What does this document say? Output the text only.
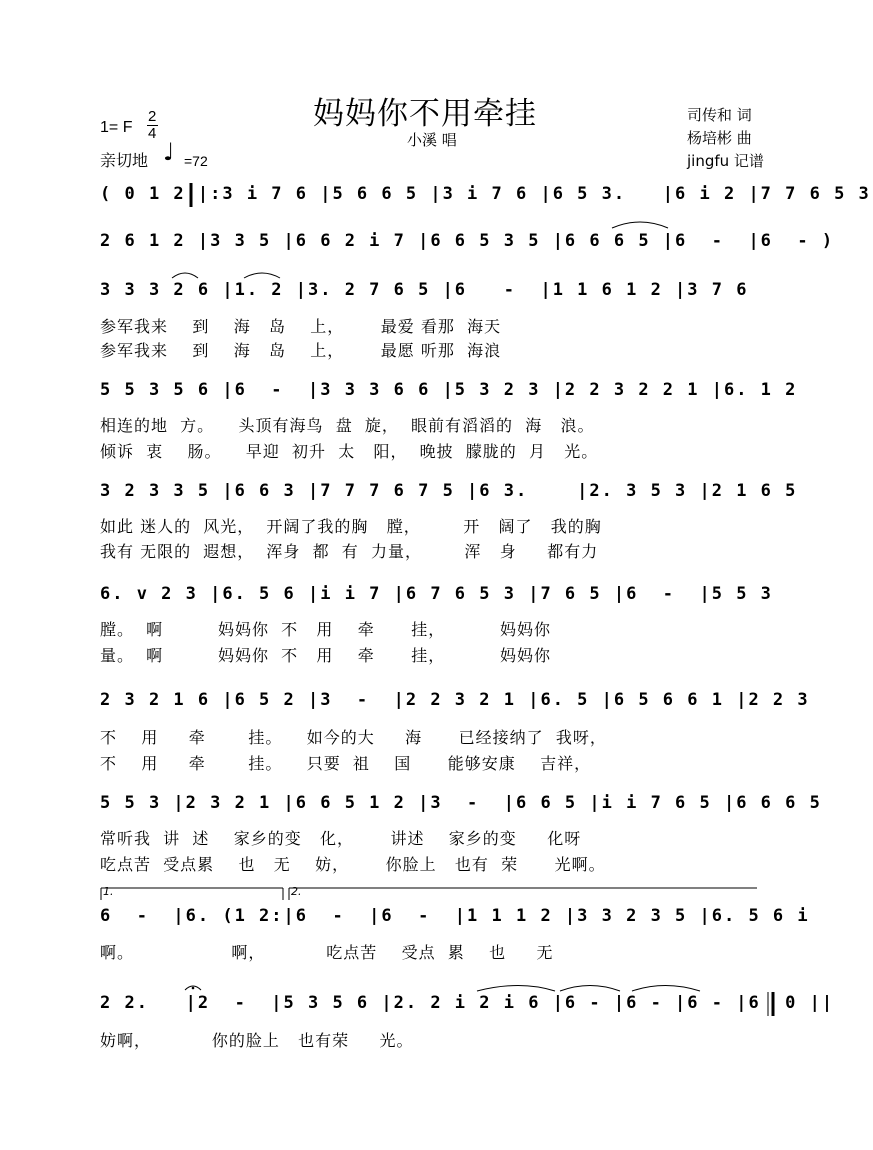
妈妈你不用牵挂
小溪 唱
1= F
2
4
亲切地 ♩ =72
司传和 词
杨培彬 曲
jingfu 记谱
( 0 1 2 |:3 i 7 6 |5 6 6 5 |3 i 7 6 |6 5 3.   |6 i 2 |7 7 6 5 3
2 6 1 2 |3 3 5 |6 6 2 i 7 |6 6 5 3 5 |6 6 6 5 |6  -  |6  - )
3 3 3 2 6 |1. 2 |3. 2 7 6 5 |6   -  |1 1 6 1 2 |3 7 6
参军我来    到    海   岛    上，      最爱 看那  海天
参军我来    到    海   岛    上，      最愿 听那  海浪
5 5 3 5 6 |6  -  |3 3 3 6 6 |5 3 2 3 |2 2 3 2 2 1 |6. 1 2
相连的地  方。    头顶有海鸟  盘  旋，  眼前有滔滔的  海   浪。
倾诉  衷    肠。    早迎  初升  太   阳，  晚披  朦胧的  月   光。
3 2 3 3 5 |6 6 3 |7 7 7 6 7 5 |6 3.    |2. 3 5 3 |2 1 6 5
如此 迷人的  风光，  开阔了我的胸   膛，       开   阔了   我的胸
我有 无限的  遐想，  浑身  都  有  力量，       浑   身     都有力
6. v 2 3 |6. 5 6 |i i 7 |6 7 6 5 3 |7 6 5 |6  -  |5 5 3
膛。  啊         妈妈你  不   用    牵      挂，         妈妈你
量。  啊         妈妈你  不   用    牵      挂，         妈妈你
2 3 2 1 6 |6 5 2 |3  -  |2 2 3 2 1 |6. 5 |6 5 6 6 1 |2 2 3
不    用     牵       挂。    如今的大     海      已经接纳了  我呀，
不    用     牵       挂。    只要  祖    国      能够安康    吉祥，
5 5 3 |2 3 2 1 |6 6 5 1 2 |3  -  |6 6 5 |i i 7 6 5 |6 6 6 5
常听我  讲  述    家乡的变   化，      讲述    家乡的变     化呀
吃点苦  受点累    也   无    妨，      你脸上   也有  荣      光啊。
1.	2.
6  -  |6. (1 2:|6  -  |6  -  |1 1 1 2 |3 3 2 3 5 |6. 5 6 i
啊。                啊，          吃点苦    受点  累    也     无
2 2.   |2  -  |5 3 5 6 |2. 2 i 2 i 6 |6 - |6 - |6 - |6  0 ||
妨啊，          你的脸上   也有荣     光。
